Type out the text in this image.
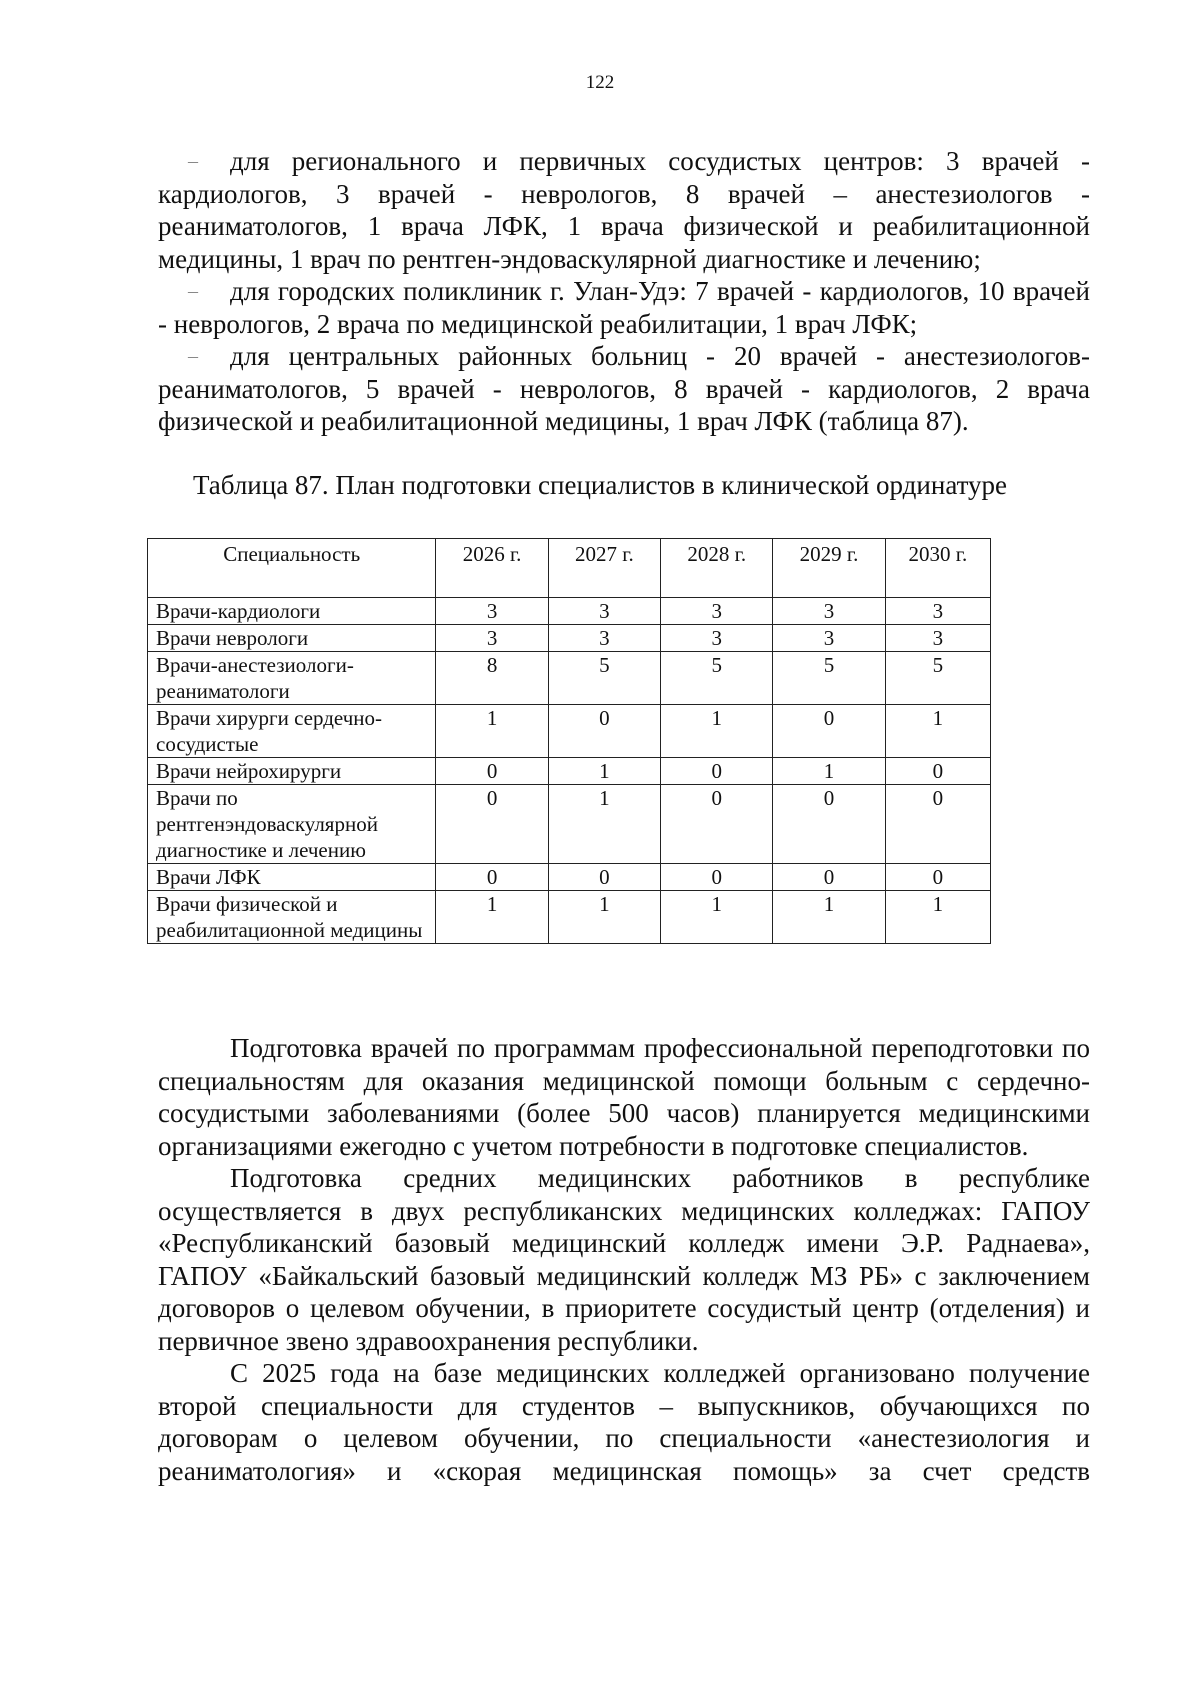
122

– для регионального и первичных сосудистых центров: 3 врачей - кардиологов, 3 врачей - неврологов, 8 врачей – анестезиологов - реаниматологов, 1 врача ЛФК, 1 врача физической и реабилитационной медицины, 1 врач по рентген-эндоваскулярной диагностике и лечению;

– для городских поликлиник г. Улан-Удэ: 7 врачей - кардиологов, 10 врачей - неврологов, 2 врача по медицинской реабилитации, 1 врач ЛФК;

– для центральных районных больниц - 20 врачей - анестезиологов-реаниматологов, 5 врачей - неврологов, 8 врачей - кардиологов, 2 врача физической и реабилитационной медицины, 1 врач ЛФК (таблица 87).

Таблица 87. План подготовки специалистов в клинической ординатуре
Специальность	2026 г.	2027 г.	2028 г.	2029 г.	2030 г.
Врачи-кардиологи	3	3	3	3	3
Врачи неврологи	3	3	3	3	3
Врачи-анестезиологи-реаниматологи	8	5	5	5	5
Врачи хирурги сердечно-сосудистые	1	0	1	0	1
Врачи нейрохирурги	0	1	0	1	0
Врачи по рентгенэндоваскулярной диагностике и лечению	0	1	0	0	0
Врачи ЛФК	0	0	0	0	0
Врачи физической и реабилитационной медицины	1	1	1	1	1

Подготовка врачей по программам профессиональной переподготовки по специальностям для оказания медицинской помощи больным с сердечно-сосудистыми заболеваниями (более 500 часов) планируется медицинскими организациями ежегодно с учетом потребности в подготовке специалистов.

Подготовка средних медицинских работников в республике осуществляется в двух республиканских медицинских колледжах: ГАПОУ «Республиканский базовый медицинский колледж имени Э.Р. Раднаева», ГАПОУ «Байкальский базовый медицинский колледж МЗ РБ» с заключением договоров о целевом обучении, в приоритете сосудистый центр (отделения) и первичное звено здравоохранения республики.

С 2025 года на базе медицинских колледжей организовано получение второй специальности для студентов – выпускников, обучающихся по договорам о целевом обучении, по специальности «анестезиология и реаниматология» и «скорая медицинская помощь» за счет средств
